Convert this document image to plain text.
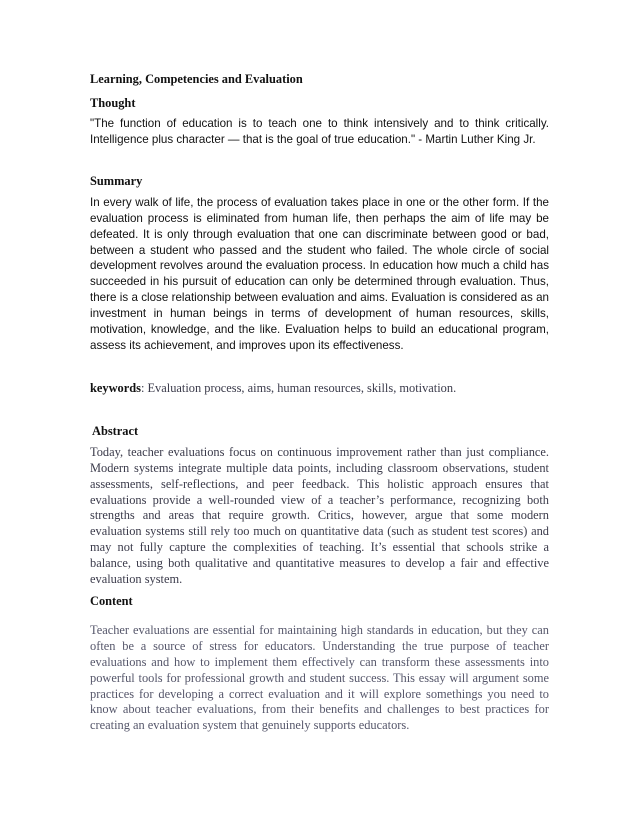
Learning, Competencies and Evaluation

Thought

"The function of education is to teach one to think intensively and to think critically. Intelligence plus character — that is the goal of true education." - Martin Luther King Jr.

Summary

In every walk of life, the process of evaluation takes place in one or the other form. If the evaluation process is eliminated from human life, then perhaps the aim of life may be defeated. It is only through evaluation that one can discriminate between good or bad, between a student who passed and the student who failed. The whole circle of social development revolves around the evaluation process. In education how much a child has succeeded in his pursuit of education can only be determined through evaluation. Thus, there is a close relationship between evaluation and aims. Evaluation is considered as an investment in human beings in terms of development of human resources, skills, motivation, knowledge, and the like. Evaluation helps to build an educational program, assess its achievement, and improves upon its effectiveness.

keywords: Evaluation process, aims, human resources, skills, motivation.

Abstract

Today, teacher evaluations focus on continuous improvement rather than just compliance. Modern systems integrate multiple data points, including classroom observations, student assessments, self-reflections, and peer feedback. This holistic approach ensures that evaluations provide a well-rounded view of a teacher’s performance, recognizing both strengths and areas that require growth. Critics, however, argue that some modern evaluation systems still rely too much on quantitative data (such as student test scores) and may not fully capture the complexities of teaching. It’s essential that schools strike a balance, using both qualitative and quantitative measures to develop a fair and effective evaluation system.

Content

Teacher evaluations are essential for maintaining high standards in education, but they can often be a source of stress for educators. Understanding the true purpose of teacher evaluations and how to implement them effectively can transform these assessments into powerful tools for professional growth and student success. This essay will argument some practices for developing a correct evaluation and it will explore somethings you need to know about teacher evaluations, from their benefits and challenges to best practices for creating an evaluation system that genuinely supports educators.
